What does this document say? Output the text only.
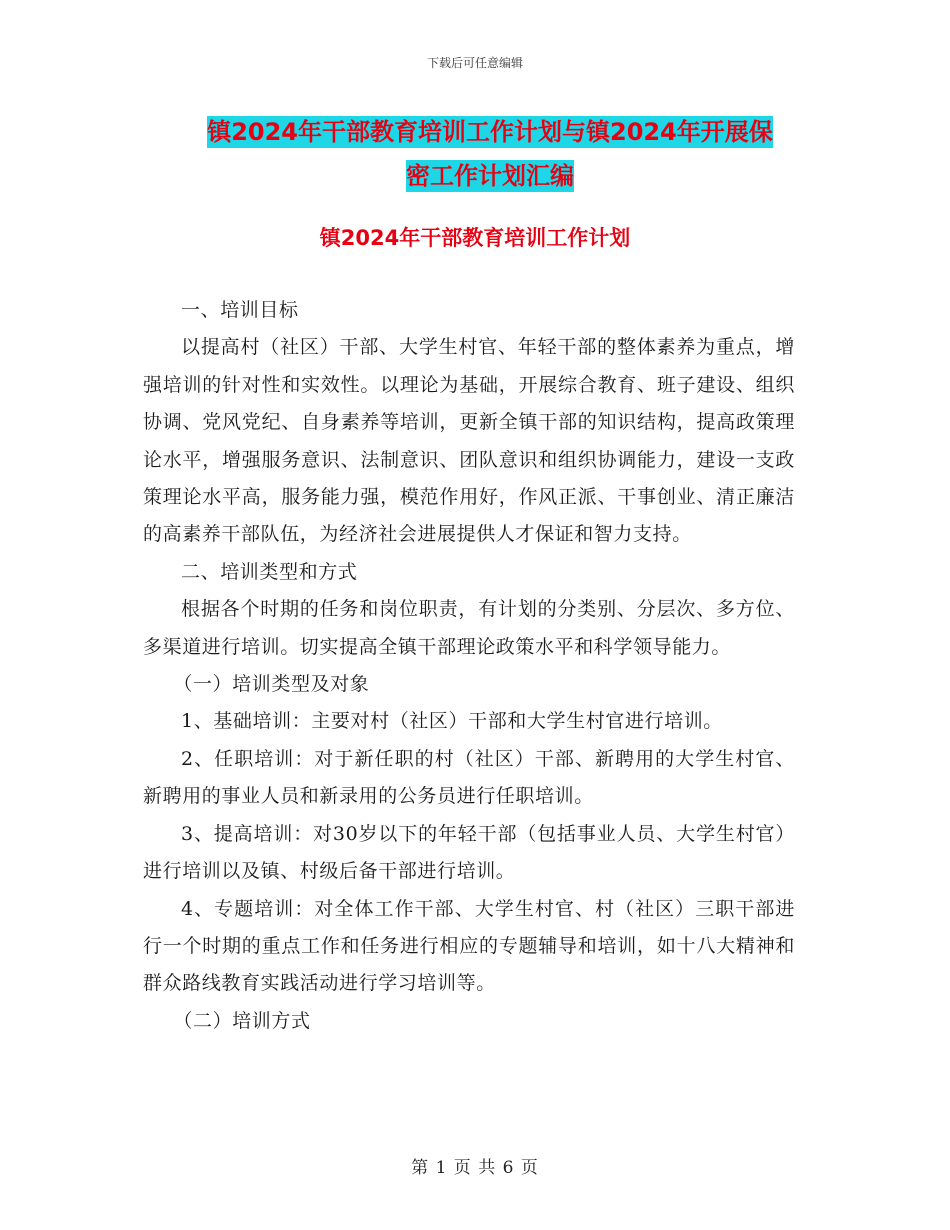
下载后可任意编辑
镇2024年干部教育培训工作计划与镇2024年开展保
密工作计划汇编
镇2024年干部教育培训工作计划

一、培训目标

以提高村（社区）干部、大学生村官、年轻干部的整体素养为重点，增强培训的针对性和实效性。以理论为基础，开展综合教育、班子建设、组织协调、党风党纪、自身素养等培训，更新全镇干部的知识结构，提高政策理论水平，增强服务意识、法制意识、团队意识和组织协调能力，建设一支政策理论水平高，服务能力强，模范作用好，作风正派、干事创业、清正廉洁的高素养干部队伍，为经济社会进展提供人才保证和智力支持。

二、培训类型和方式

根据各个时期的任务和岗位职责，有计划的分类别、分层次、多方位、多渠道进行培训。切实提高全镇干部理论政策水平和科学领导能力。

（一）培训类型及对象

1、基础培训：主要对村（社区）干部和大学生村官进行培训。

2、任职培训：对于新任职的村（社区）干部、新聘用的大学生村官、新聘用的事业人员和新录用的公务员进行任职培训。

3、提高培训：对30岁以下的年轻干部（包括事业人员、大学生村官）进行培训以及镇、村级后备干部进行培训。

4、专题培训：对全体工作干部、大学生村官、村（社区）三职干部进行一个时期的重点工作和任务进行相应的专题辅导和培训，如十八大精神和群众路线教育实践活动进行学习培训等。

（二）培训方式

第 1 页 共 6 页
